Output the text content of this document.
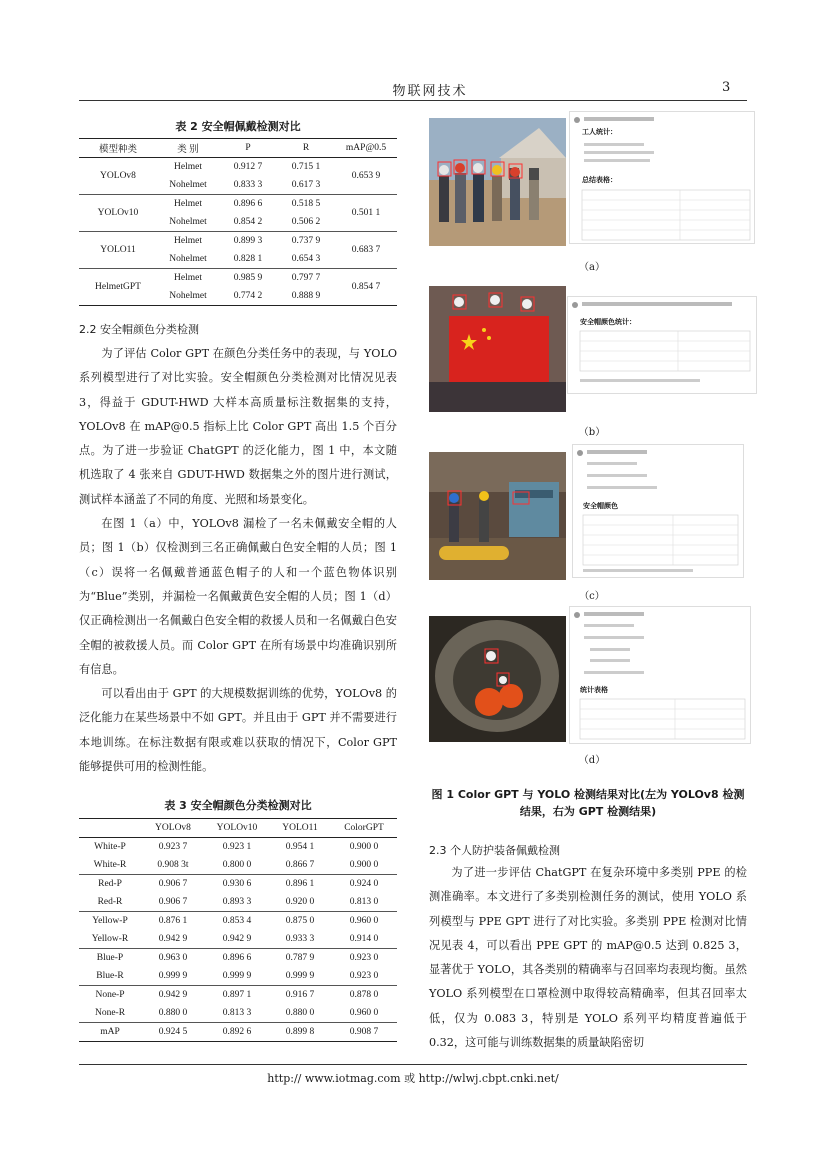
物联网技术	3
表 2 安全帽佩戴检测对比
模型种类	类 别	P	R	mAP@0.5
YOLOv8	Helmet	0.912 7	0.715 1	0.653 9
	Nohelmet	0.833 3	0.617 3	
YOLOv10	Helmet	0.896 6	0.518 5	0.501 1
	Nohelmet	0.854 2	0.506 2	
YOLO11	Helmet	0.899 3	0.737 9	0.683 7
	Nohelmet	0.828 1	0.654 3	
HelmetGPT	Helmet	0.985 9	0.797 7	0.854 7
	Nohelmet	0.774 2	0.888 9	
2.2 安全帽颜色分类检测

为了评估 Color GPT 在颜色分类任务中的表现，与 YOLO 系列模型进行了对比实验。安全帽颜色分类检测对比情况见表 3，得益于 GDUT-HWD 大样本高质量标注数据集的支持，YOLOv8 在 mAP@0.5 指标上比 Color GPT 高出 1.5 个百分点。为了进一步验证 ChatGPT 的泛化能力，图 1 中，本文随机选取了 4 张来自 GDUT-HWD 数据集之外的图片进行测试，测试样本涵盖了不同的角度、光照和场景变化。

在图 1（a）中，YOLOv8 漏检了一名未佩戴安全帽的人员；图 1（b）仅检测到三名正确佩戴白色安全帽的人员；图 1（c）误将一名佩戴普通蓝色帽子的人和一个蓝色物体识别为“Blue”类别，并漏检一名佩戴黄色安全帽的人员；图 1（d）仅正确检测出一名佩戴白色安全帽的救援人员和一名佩戴白色安全帽的被救援人员。而 Color GPT 在所有场景中均准确识别所有信息。

可以看出由于 GPT 的大规模数据训练的优势，YOLOv8 的泛化能力在某些场景中不如 GPT。并且由于 GPT 并不需要进行本地训练。在标注数据有限或难以获取的情况下，Color GPT 能够提供可用的检测性能。

表 3 安全帽颜色分类检测对比
	YOLOv8	YOLOv10	YOLO11	ColorGPT
White-P	0.923 7	0.923 1	0.954 1	0.900 0
White-R	0.908 3t	0.800 0	0.866 7	0.900 0
Red-P	0.906 7	0.930 6	0.896 1	0.924 0
Red-R	0.906 7	0.893 3	0.920 0	0.813 0
Yellow-P	0.876 1	0.853 4	0.875 0	0.960 0
Yellow-R	0.942 9	0.942 9	0.933 3	0.914 0
Blue-P	0.963 0	0.896 6	0.787 9	0.923 0
Blue-R	0.999 9	0.999 9	0.999 9	0.923 0
None-P	0.942 9	0.897 1	0.916 7	0.878 0
None-R	0.880 0	0.813 3	0.880 0	0.960 0
mAP	0.924 5	0.892 6	0.899 8	0.908 7
工人统计：
总结表格：
（a）
安全帽颜色统计：
（b）
安全帽颜色
（c）
统计表格
（d）
图 1 Color GPT 与 YOLO 检测结果对比(左为 YOLOv8 检测
结果，右为 GPT 检测结果)
2.3 个人防护装备佩戴检测

为了进一步评估 ChatGPT 在复杂环境中多类别 PPE 的检测准确率。本文进行了多类别检测任务的测试，使用 YOLO 系列模型与 PPE GPT 进行了对比实验。多类别 PPE 检测对比情况见表 4，可以看出 PPE GPT 的 mAP@0.5 达到 0.825 3，显著优于 YOLO，其各类别的精确率与召回率均表现均衡。虽然 YOLO 系列模型在口罩检测中取得较高精确率，但其召回率太低，仅为 0.083 3，特别是 YOLO 系列平均精度普遍低于 0.32，这可能与训练数据集的质量缺陷密切

http:// www.iotmag.com 或 http://wlwj.cbpt.cnki.net/
